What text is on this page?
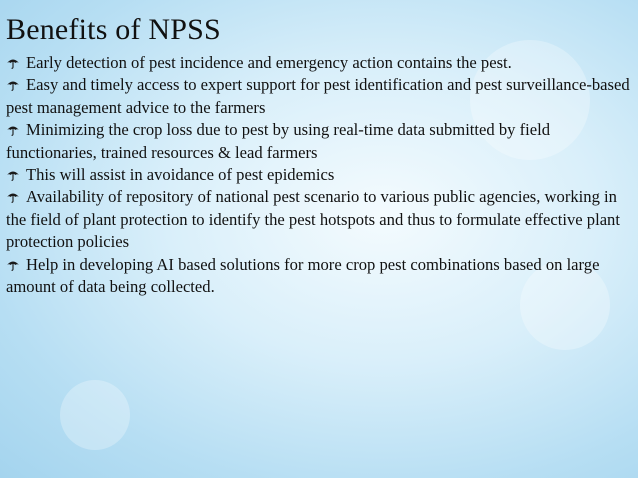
Benefits of NPSS
Early detection of pest incidence and emergency action contains the pest.
Easy and timely access to expert support for pest identification and pest surveillance-based pest management advice to the farmers
Minimizing the crop loss due to pest by using real-time data submitted by field functionaries, trained resources & lead farmers
This will assist in avoidance of pest epidemics
Availability of repository of national pest scenario to various public agencies, working in the field of plant protection to identify the pest hotspots and thus to formulate effective plant protection policies
Help in developing AI based solutions for more crop pest combinations based on large amount of data being collected.
